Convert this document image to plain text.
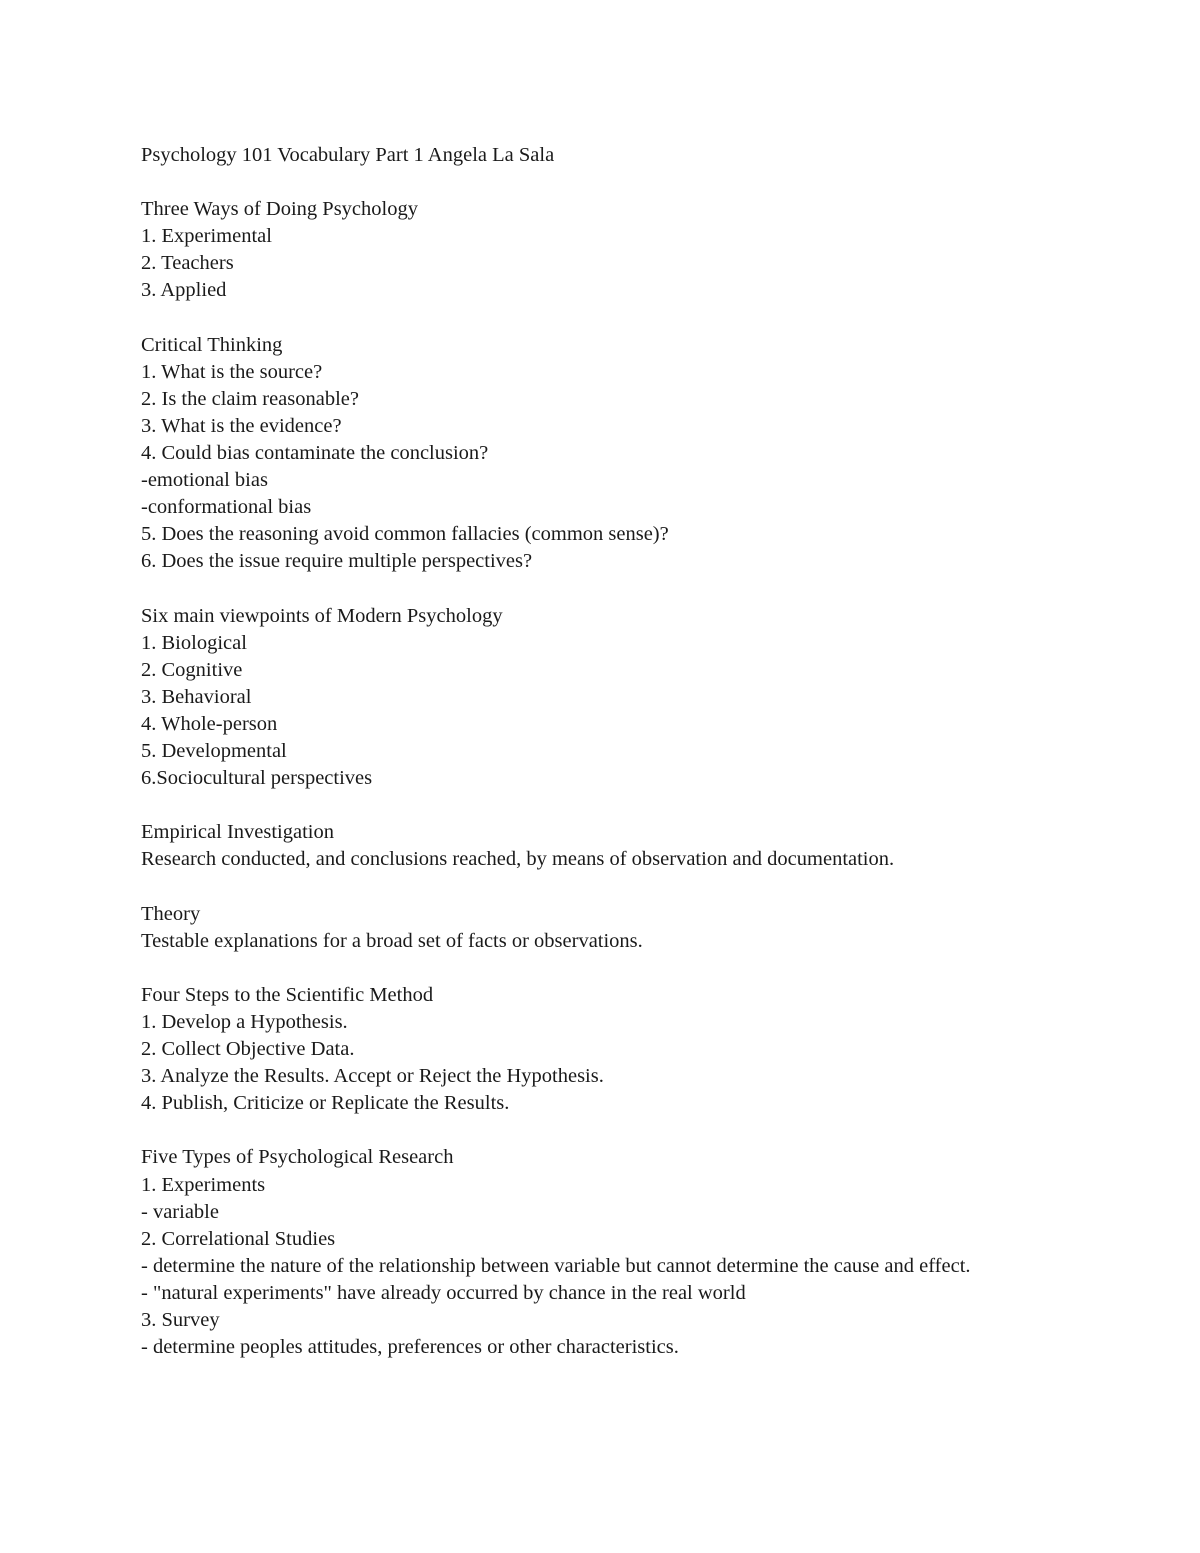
Psychology 101 Vocabulary Part 1 Angela La Sala

Three Ways of Doing Psychology

1. Experimental

2. Teachers

3. Applied

Critical Thinking

1. What is the source?

2. Is the claim reasonable?

3. What is the evidence?

4. Could bias contaminate the conclusion?

-emotional bias

-conformational bias

5. Does the reasoning avoid common fallacies (common sense)?

6. Does the issue require multiple perspectives?

Six main viewpoints of Modern Psychology

1. Biological

2. Cognitive

3. Behavioral

4. Whole-person

5. Developmental

6.Sociocultural perspectives

Empirical Investigation

Research conducted, and conclusions reached, by means of observation and documentation.

Theory

Testable explanations for a broad set of facts or observations.

Four Steps to the Scientific Method

1. Develop a Hypothesis.

2. Collect Objective Data.

3. Analyze the Results. Accept or Reject the Hypothesis.

4. Publish, Criticize or Replicate the Results.

Five Types of Psychological Research

1. Experiments

- variable

2. Correlational Studies

- determine the nature of the relationship between variable but cannot determine the cause and effect.

- "natural experiments" have already occurred by chance in the real world

3. Survey

- determine peoples attitudes, preferences or other characteristics.
